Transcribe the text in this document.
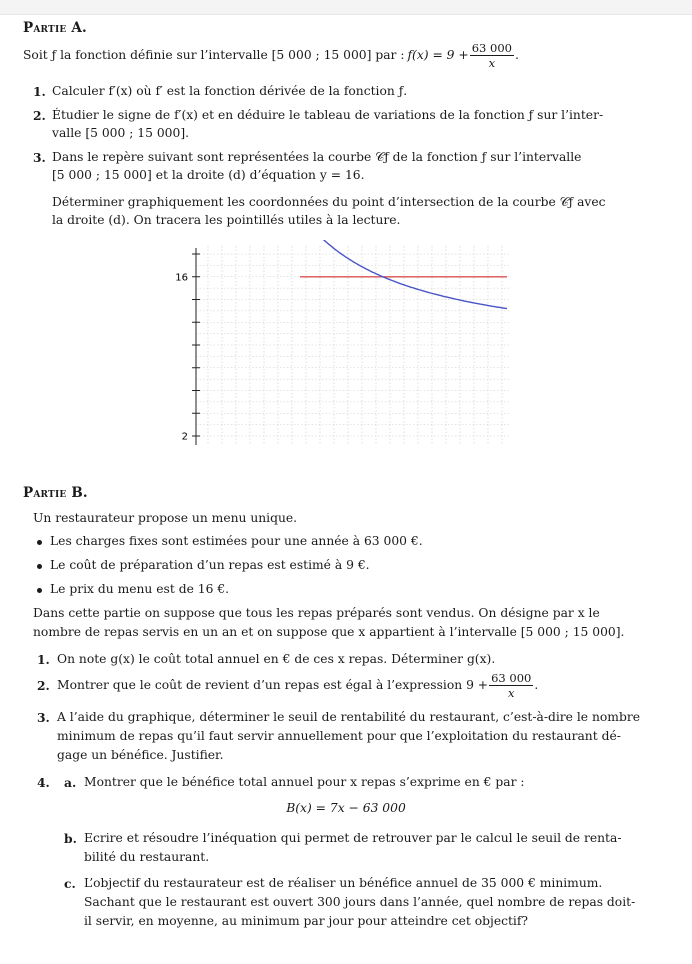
Partie A.
Soit ƒ la fonction définie sur l’intervalle [5 000 ; 15 000] par : $f(x) = 9 + \frac{63 000}{x}$ .
1. Calculer f′(x) où f′ est la fonction dérivée de la fonction ƒ.
2. Étudier le signe de f′(x) et en déduire le tableau de variations de la fonction ƒ sur l’inter-
valle [5 000 ; 15 000].
3. Dans le repère suivant sont représentées la courbe 𝒞ƒ de la fonction ƒ sur l’intervalle
[5 000 ; 15 000] et la droite (d) d’équation y = 16.
Déterminer graphiquement les coordonnées du point d’intersection de la courbe 𝒞ƒ avec
la droite (d). On tracera les pointillés utiles à la lecture.
16
2
Partie B.
Un restaurateur propose un menu unique.
Les charges fixes sont estimées pour une année à 63 000 €.
Le coût de préparation d’un repas est estimé à 9 €.
Le prix du menu est de 16 €.
Dans cette partie on suppose que tous les repas préparés sont vendus. On désigne par x le
nombre de repas servis en un an et on suppose que x appartient à l’intervalle [5 000 ; 15 000].
1. On note g(x) le coût total annuel en € de ces x repas. Déterminer g(x).
2. Montrer que le coût de revient d’un repas est égal à l’expression $9 + \frac{63 000}{x}$ .
3. A l’aide du graphique, déterminer le seuil de rentabilité du restaurant, c’est-à-dire le nombre
minimum de repas qu’il faut servir annuellement pour que l’exploitation du restaurant dé-
gage un bénéfice. Justifier.
4. a. Montrer que le bénéfice total annuel pour x repas s’exprime en € par :
B(x) = 7x − 63 000
b. Ecrire et résoudre l’inéquation qui permet de retrouver par le calcul le seuil de renta-
bilité du restaurant.
c. L’objectif du restaurateur est de réaliser un bénéfice annuel de 35 000 € minimum.
Sachant que le restaurant est ouvert 300 jours dans l’année, quel nombre de repas doit-
il servir, en moyenne, au minimum par jour pour atteindre cet objectif?
